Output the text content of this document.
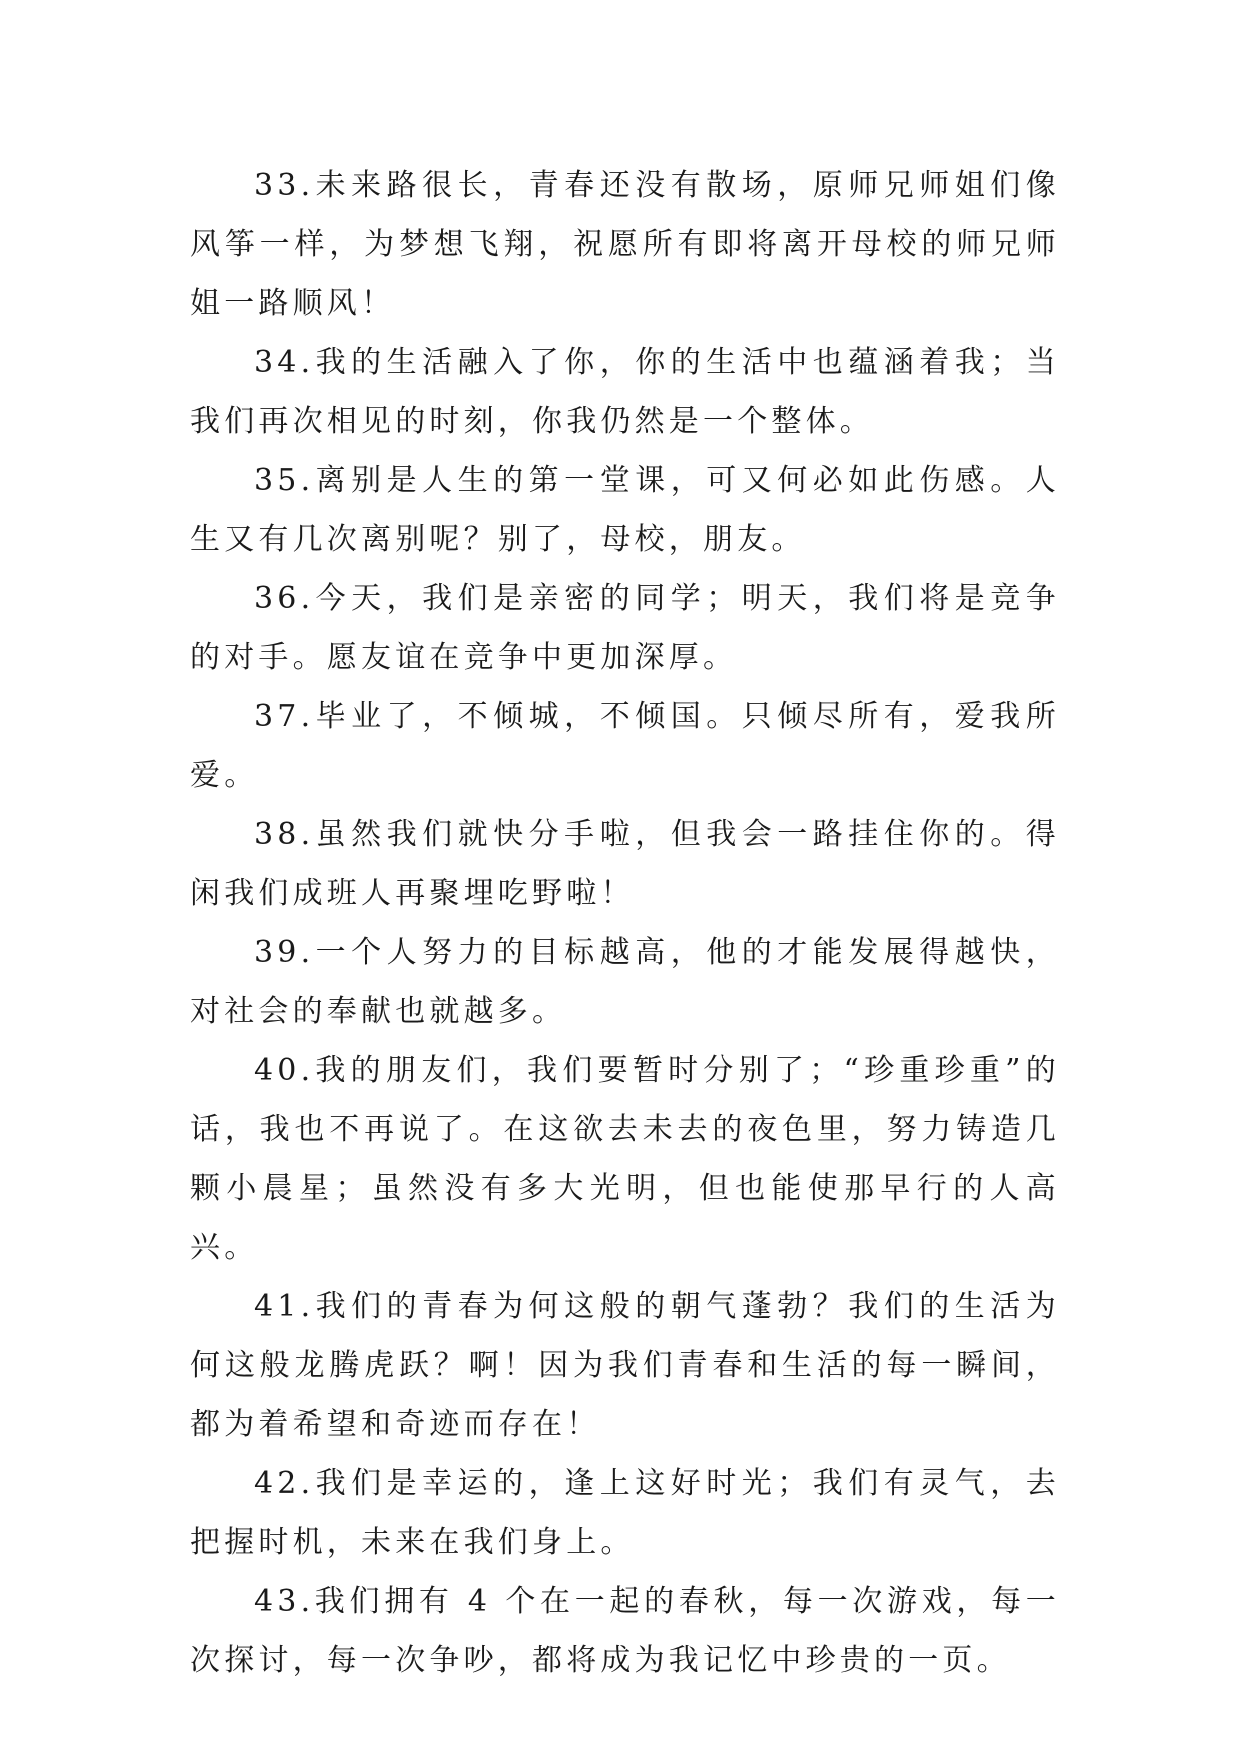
33.未来路很长，青春还没有散场，原师兄师姐们像风筝一样，为梦想飞翔，祝愿所有即将离开母校的师兄师姐一路顺风！

34.我的生活融入了你，你的生活中也蕴涵着我；当我们再次相见的时刻，你我仍然是一个整体。

35.离别是人生的第一堂课，可又何必如此伤感。人生又有几次离别呢？别了，母校，朋友。

36.今天，我们是亲密的同学；明天，我们将是竞争的对手。愿友谊在竞争中更加深厚。

37.毕业了，不倾城，不倾国。只倾尽所有，爱我所爱。

38.虽然我们就快分手啦，但我会一路挂住你的。得闲我们成班人再聚埋吃野啦！

39.一个人努力的目标越高，他的才能发展得越快，对社会的奉献也就越多。

40.我的朋友们，我们要暂时分别了；“珍重珍重”的话，我也不再说了。在这欲去未去的夜色里，努力铸造几颗小晨星；虽然没有多大光明，但也能使那早行的人高兴。

41.我们的青春为何这般的朝气蓬勃？我们的生活为何这般龙腾虎跃？啊！因为我们青春和生活的每一瞬间，都为着希望和奇迹而存在！

42.我们是幸运的，逢上这好时光；我们有灵气，去把握时机，未来在我们身上。

43.我们拥有 4 个在一起的春秋，每一次游戏，每一次探讨，每一次争吵，都将成为我记忆中珍贵的一页。
